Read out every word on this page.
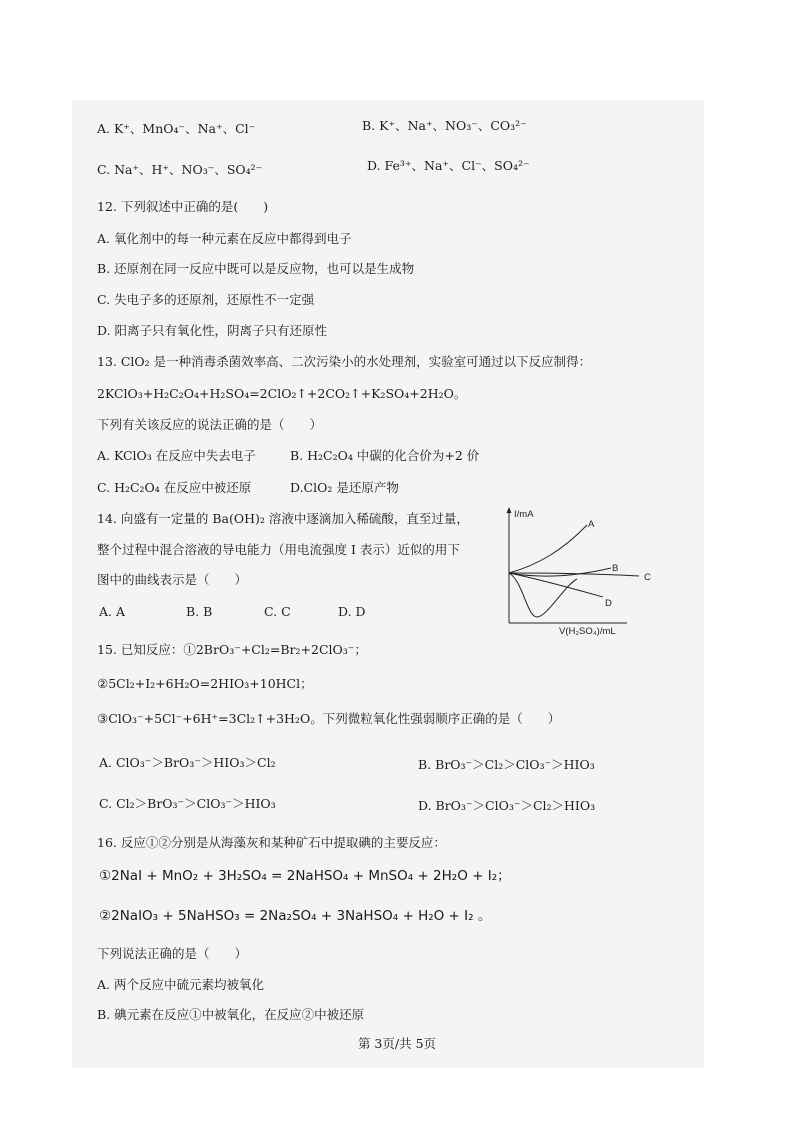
A. K⁺、MnO₄⁻、Na⁺、Cl⁻	B. K⁺、Na⁺、NO₃⁻、CO₃²⁻
C. Na⁺、H⁺、NO₃⁻、SO₄²⁻	D. Fe³⁺、Na⁺、Cl⁻、SO₄²⁻
12. 下列叙述中正确的是(　　)
A. 氧化剂中的每一种元素在反应中都得到电子
B. 还原剂在同一反应中既可以是反应物，也可以是生成物
C. 失电子多的还原剂，还原性不一定强
D. 阳离子只有氧化性，阴离子只有还原性
13. ClO₂ 是一种消毒杀菌效率高、二次污染小的水处理剂，实验室可通过以下反应制得：
2KClO₃+H₂C₂O₄+H₂SO₄=2ClO₂↑+2CO₂↑+K₂SO₄+2H₂O。
下列有关该反应的说法正确的是（　　）
A. KClO₃ 在反应中失去电子	B. H₂C₂O₄ 中碳的化合价为+2 价
C. H₂C₂O₄ 在反应中被还原	D.ClO₂ 是还原产物
14. 向盛有一定量的 Ba(OH)₂ 溶液中逐滴加入稀硫酸，直至过量，
整个过程中混合溶液的导电能力（用电流强度 I 表示）近似的用下
图中的曲线表示是（　　）
A. A	B. B	C. C	D. D
I/mA
V(H₂SO₄)/mL
A
B
C
D
15. 已知反应：①2BrO₃⁻+Cl₂=Br₂+2ClO₃⁻；
②5Cl₂+I₂+6H₂O=2HIO₃+10HCl；
③ClO₃⁻+5Cl⁻+6H⁺=3Cl₂↑+3H₂O。下列微粒氧化性强弱顺序正确的是（　　）
A. ClO₃⁻＞BrO₃⁻＞HIO₃＞Cl₂	B. BrO₃⁻＞Cl₂＞ClO₃⁻＞HIO₃
C. Cl₂＞BrO₃⁻＞ClO₃⁻＞HIO₃	D. BrO₃⁻＞ClO₃⁻＞Cl₂＞HIO₃
16. 反应①②分别是从海藻灰和某种矿石中提取碘的主要反应：
①2NaI + MnO₂ + 3H₂SO₄ = 2NaHSO₄ + MnSO₄ + 2H₂O + I₂；
②2NaIO₃ + 5NaHSO₃ = 2Na₂SO₄ + 3NaHSO₄ + H₂O + I₂ 。
下列说法正确的是（　　）
A. 两个反应中硫元素均被氧化
B. 碘元素在反应①中被氧化，在反应②中被还原
第 3页/共 5页
